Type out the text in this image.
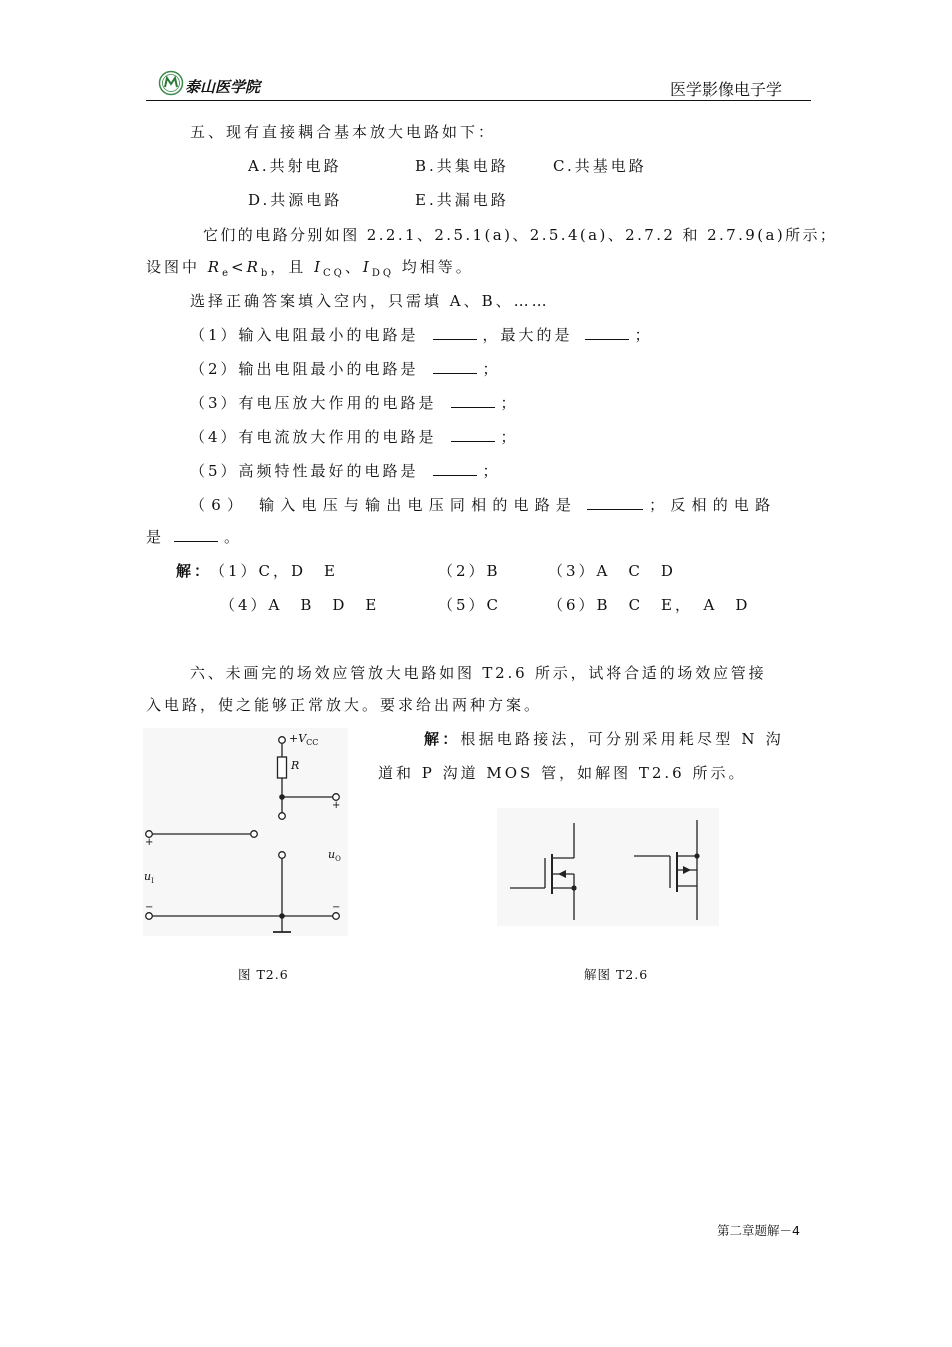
泰山医学院	医学影像电子学
五、现有直接耦合基本放大电路如下：
A.共射电路	B.共集电路	C.共基电路
D.共源电路	E.共漏电路
它们的电路分别如图 2.2.1、2.5.1(a)、2.5.4(a)、2.7.2 和 2.7.9(a)所示；
设图中 $R_e<R_b$，且 $I_{CQ}$、$I_{DQ}$ 均相等。
选择正确答案填入空内，只需填 A、B、……
（1）输入电阻最小的电路是	，最大的是	；
（2）输出电阻最小的电路是	；
（3）有电压放大作用的电路是	；
（4）有电流放大作用的电路是	；
（5）高频特性最好的电路是	；
（6） 输入电压与输出电压同相的电路是	；反相的电路
是	。
解：
（1）C，D　E	（2）B	（3）A　C　D
（4）A　B　D　E	（5）C	（6）B　C　E，　A　D
六、未画完的场效应管放大电路如图 T2.6 所示，试将合适的场效应管接
入电路，使之能够正常放大。要求给出两种方案。
解：根据电路接法，可分别采用耗尽型 N 沟
道和 P 沟道 MOS 管，如解图 T2.6 所示。
$+V_{CC}$
R
+
+
$u_I$
$u_O$
−	−
图 T2.6	解图 T2.6
第二章题解－4
